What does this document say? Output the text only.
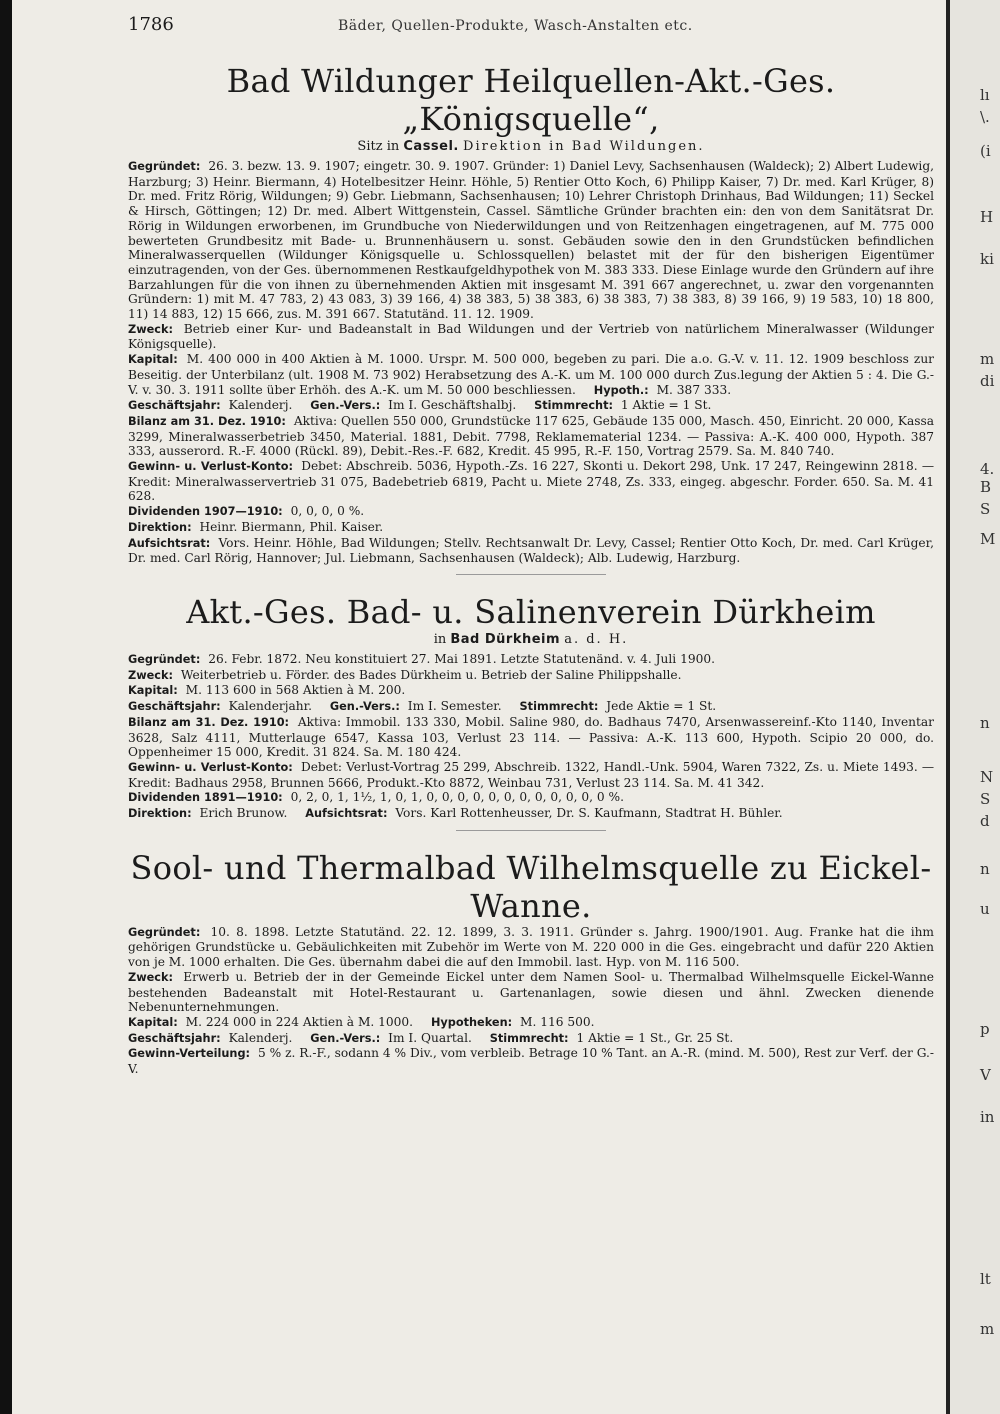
lı
\.
(i
H
ki
m
di
4.
B
S
M
n
N
S
d
n
u
p
V
in
lt
m
1786	Bäder, Quellen-Produkte, Wasch-Anstalten etc.
Bad Wildunger Heilquellen-Akt.-Ges. „Königsquelle“,
Sitz in Cassel. Direktion in Bad Wildungen.

Gegründet: 26. 3. bezw. 13. 9. 1907; eingetr. 30. 9. 1907. Gründer: 1) Daniel Levy, Sachsenhausen (Waldeck); 2) Albert Ludewig, Harzburg; 3) Heinr. Biermann, 4) Hotelbesitzer Heinr. Höhle, 5) Rentier Otto Koch, 6) Philipp Kaiser, 7) Dr. med. Karl Krüger, 8) Dr. med. Fritz Rörig, Wildungen; 9) Gebr. Liebmann, Sachsenhausen; 10) Lehrer Christoph Drinhaus, Bad Wildungen; 11) Seckel & Hirsch, Göttingen; 12) Dr. med. Albert Wittgenstein, Cassel. Sämtliche Gründer brachten ein: den von dem Sanitätsrat Dr. Rörig in Wildungen erworbenen, im Grundbuche von Niederwildungen und von Reitzenhagen eingetragenen, auf M. 775 000 bewerteten Grundbesitz mit Bade- u. Brunnenhäusern u. sonst. Gebäuden sowie den in den Grundstücken befindlichen Mineralwasserquellen (Wildunger Königsquelle u. Schlossquellen) belastet mit der für den bisherigen Eigentümer einzutragenden, von der Ges. übernommenen Restkaufgeldhypothek von M. 383 333. Diese Einlage wurde den Gründern auf ihre Barzahlungen für die von ihnen zu übernehmenden Aktien mit insgesamt M. 391 667 angerechnet, u. zwar den vorgenannten Gründern: 1) mit M. 47 783, 2) 43 083, 3) 39 166, 4) 38 383, 5) 38 383, 6) 38 383, 7) 38 383, 8) 39 166, 9) 19 583, 10) 18 800, 11) 14 883, 12) 15 666, zus. M. 391 667. Statutänd. 11. 12. 1909.

Zweck: Betrieb einer Kur- und Badeanstalt in Bad Wildungen und der Vertrieb von natürlichem Mineralwasser (Wildunger Königsquelle).

Kapital: M. 400 000 in 400 Aktien à M. 1000. Urspr. M. 500 000, begeben zu pari. Die a.o. G.-V. v. 11. 12. 1909 beschloss zur Beseitig. der Unterbilanz (ult. 1908 M. 73 902) Herabsetzung des A.-K. um M. 100 000 durch Zus.legung der Aktien 5 : 4. Die G.-V. v. 30. 3. 1911 sollte über Erhöh. des A.-K. um M. 50 000 beschliessen. Hypoth.: M. 387 333.

Geschäftsjahr: Kalenderj. Gen.-Vers.: Im I. Geschäftshalbj. Stimmrecht: 1 Aktie = 1 St.

Bilanz am 31. Dez. 1910: Aktiva: Quellen 550 000, Grundstücke 117 625, Gebäude 135 000, Masch. 450, Einricht. 20 000, Kassa 3299, Mineralwasserbetrieb 3450, Material. 1881, Debit. 7798, Reklamematerial 1234. — Passiva: A.-K. 400 000, Hypoth. 387 333, ausserord. R.-F. 4000 (Rückl. 89), Debit.-Res.-F. 682, Kredit. 45 995, R.-F. 150, Vortrag 2579. Sa. M. 840 740.

Gewinn- u. Verlust-Konto: Debet: Abschreib. 5036, Hypoth.-Zs. 16 227, Skonti u. Dekort 298, Unk. 17 247, Reingewinn 2818. — Kredit: Mineralwasservertrieb 31 075, Badebetrieb 6819, Pacht u. Miete 2748, Zs. 333, eingeg. abgeschr. Forder. 650. Sa. M. 41 628.

Dividenden 1907—1910: 0, 0, 0, 0 %.

Direktion: Heinr. Biermann, Phil. Kaiser.

Aufsichtsrat: Vors. Heinr. Höhle, Bad Wildungen; Stellv. Rechtsanwalt Dr. Levy, Cassel; Rentier Otto Koch, Dr. med. Carl Krüger, Dr. med. Carl Rörig, Hannover; Jul. Liebmann, Sachsenhausen (Waldeck); Alb. Ludewig, Harzburg.

Akt.-Ges. Bad- u. Salinenverein Dürkheim
in Bad Dürkheim a. d. H.

Gegründet: 26. Febr. 1872. Neu konstituiert 27. Mai 1891. Letzte Statutenänd. v. 4. Juli 1900.

Zweck: Weiterbetrieb u. Förder. des Bades Dürkheim u. Betrieb der Saline Philippshalle.

Kapital: M. 113 600 in 568 Aktien à M. 200.

Geschäftsjahr: Kalenderjahr. Gen.-Vers.: Im I. Semester. Stimmrecht: Jede Aktie = 1 St.

Bilanz am 31. Dez. 1910: Aktiva: Immobil. 133 330, Mobil. Saline 980, do. Badhaus 7470, Arsenwassereinf.-Kto 1140, Inventar 3628, Salz 4111, Mutterlauge 6547, Kassa 103, Verlust 23 114. — Passiva: A.-K. 113 600, Hypoth. Scipio 20 000, do. Oppenheimer 15 000, Kredit. 31 824. Sa. M. 180 424.

Gewinn- u. Verlust-Konto: Debet: Verlust-Vortrag 25 299, Abschreib. 1322, Handl.-Unk. 5904, Waren 7322, Zs. u. Miete 1493. — Kredit: Badhaus 2958, Brunnen 5666, Produkt.-Kto 8872, Weinbau 731, Verlust 23 114. Sa. M. 41 342.

Dividenden 1891—1910: 0, 2, 0, 1, 1½, 1, 0, 1, 0, 0, 0, 0, 0, 0, 0, 0, 0, 0, 0, 0 %.

Direktion: Erich Brunow. Aufsichtsrat: Vors. Karl Rottenheusser, Dr. S. Kaufmann, Stadtrat H. Bühler.

Sool- und Thermalbad Wilhelmsquelle zu Eickel-Wanne.

Gegründet: 10. 8. 1898. Letzte Statutänd. 22. 12. 1899, 3. 3. 1911. Gründer s. Jahrg. 1900/1901. Aug. Franke hat die ihm gehörigen Grundstücke u. Gebäulichkeiten mit Zubehör im Werte von M. 220 000 in die Ges. eingebracht und dafür 220 Aktien von je M. 1000 erhalten. Die Ges. übernahm dabei die auf den Immobil. last. Hyp. von M. 116 500.

Zweck: Erwerb u. Betrieb der in der Gemeinde Eickel unter dem Namen Sool- u. Thermalbad Wilhelmsquelle Eickel-Wanne bestehenden Badeanstalt mit Hotel-Restaurant u. Gartenanlagen, sowie diesen und ähnl. Zwecken dienende Nebenunternehmungen.

Kapital: M. 224 000 in 224 Aktien à M. 1000. Hypotheken: M. 116 500.

Geschäftsjahr: Kalenderj. Gen.-Vers.: Im I. Quartal. Stimmrecht: 1 Aktie = 1 St., Gr. 25 St.

Gewinn-Verteilung: 5 % z. R.-F., sodann 4 % Div., vom verbleib. Betrage 10 % Tant. an A.-R. (mind. M. 500), Rest zur Verf. der G.-V.
